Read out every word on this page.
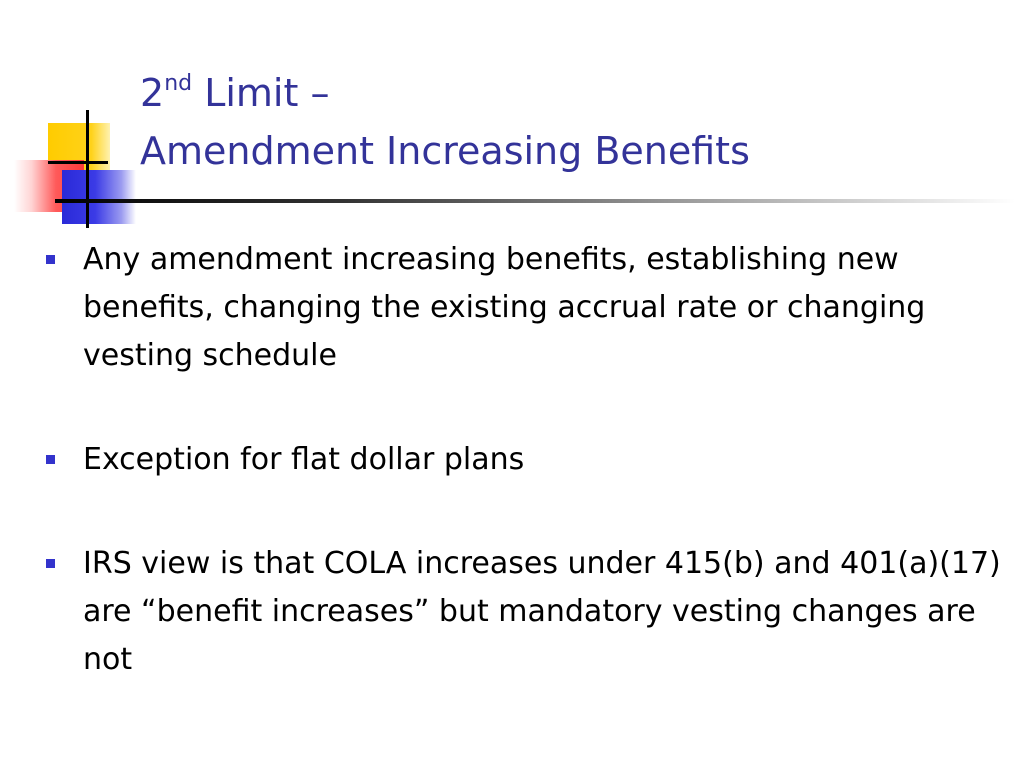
2nd Limit –
Amendment Increasing Benefits
Any amendment increasing benefits, establishing new benefits, changing the existing accrual rate or changing vesting schedule
Exception for flat dollar plans
IRS view is that COLA increases under 415(b) and 401(a)(17) are “benefit increases” but mandatory vesting changes are not
